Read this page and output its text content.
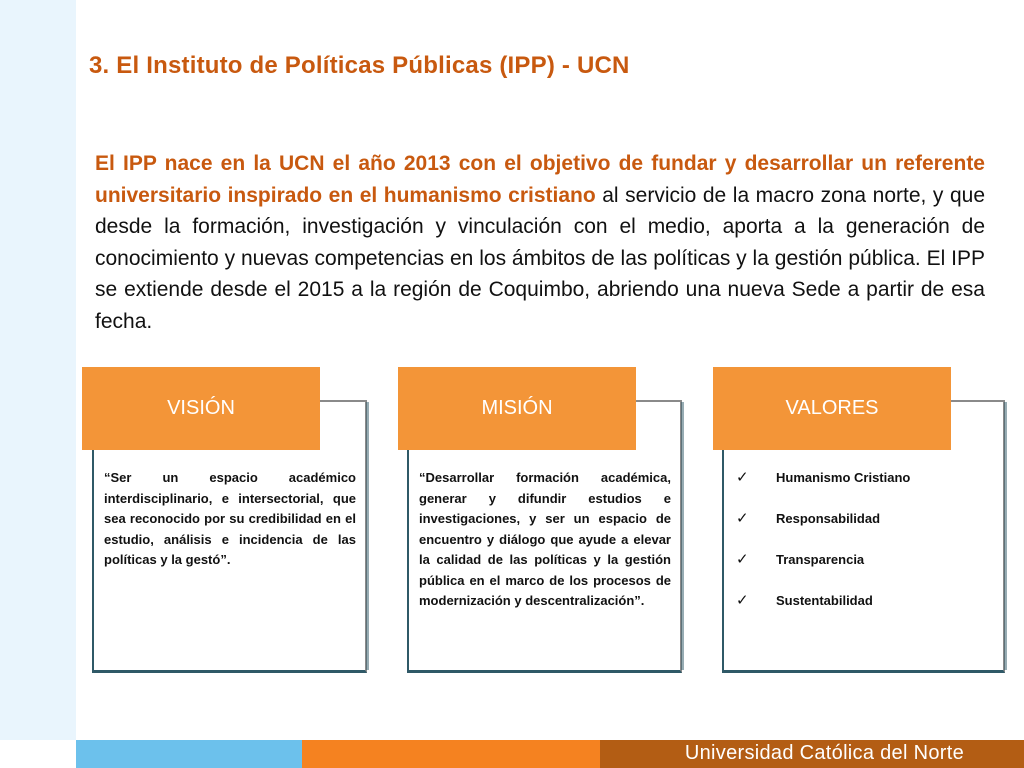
3. El Instituto de Políticas Públicas (IPP) - UCN
El IPP nace en la UCN el año 2013 con el objetivo de fundar y desarrollar un referente universitario inspirado en el humanismo cristiano al servicio de la macro zona norte, y que desde la formación, investigación y vinculación con el medio, aporta a la generación de conocimiento y nuevas competencias en los ámbitos de las políticas y la gestión pública. El IPP se extiende desde el 2015 a la región de Coquimbo, abriendo una nueva Sede a partir de esa fecha.
“Ser un espacio académico interdisciplinario, e intersectorial, que sea reconocido por su credibilidad en el estudio, análisis e incidencia de las políticas y la gestó”.
VISIÓN
“Desarrollar formación académica, generar y difundir estudios e investigaciones, y ser un espacio de encuentro y diálogo que ayude a elevar la calidad de las políticas y la gestión pública en el marco de los procesos de modernización y descentralización”.
MISIÓN
✓	Humanismo Cristiano
✓	Responsabilidad
✓	Transparencia
✓	Sustentabilidad
VALORES
Universidad Católica del Norte
